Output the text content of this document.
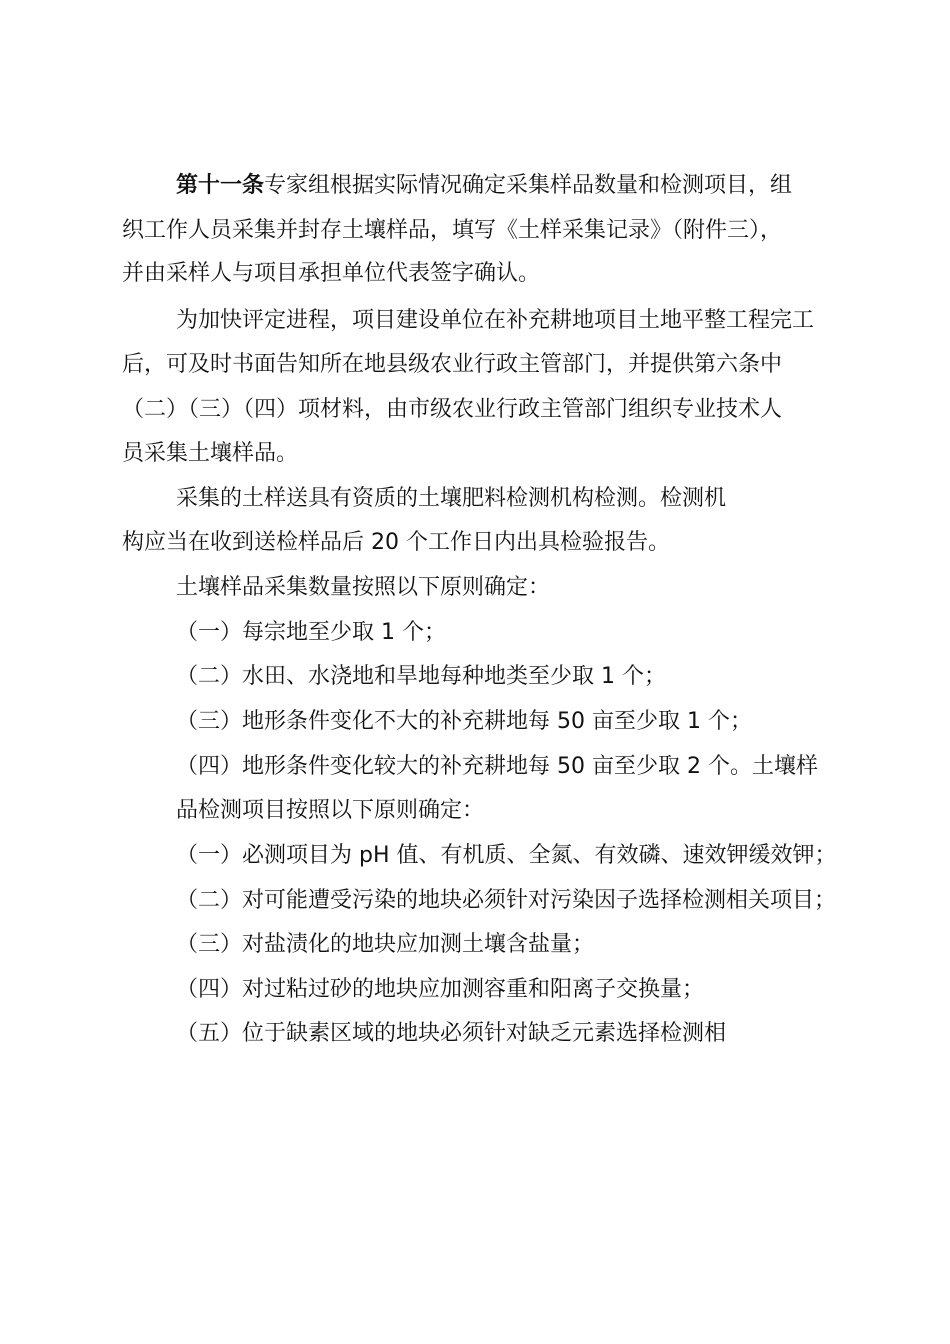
第十一条专家组根据实际情况确定采集样品数量和检测项目，组
织工作人员采集并封存土壤样品，填写《土样采集记录》（附件三），
并由采样人与项目承担单位代表签字确认。
为加快评定进程，项目建设单位在补充耕地项目土地平整工程完工
后，可及时书面告知所在地县级农业行政主管部门，并提供第六条中
（二）（三）（四）项材料，由市级农业行政主管部门组织专业技术人
员采集土壤样品。
采集的土样送具有资质的土壤肥料检测机构检测。检测机
构应当在收到送检样品后 20 个工作日内出具检验报告。
土壤样品采集数量按照以下原则确定：
（一）每宗地至少取 1 个；
（二）水田、水浇地和旱地每种地类至少取 1 个；
（三）地形条件变化不大的补充耕地每 50 亩至少取 1 个；
（四）地形条件变化较大的补充耕地每 50 亩至少取 2 个。土壤样
品检测项目按照以下原则确定：
（一）必测项目为 pH 值、有机质、全氮、有效磷、速效钾缓效钾；
（二）对可能遭受污染的地块必须针对污染因子选择检测相关项目；
（三）对盐渍化的地块应加测土壤含盐量；
（四）对过粘过砂的地块应加测容重和阳离子交换量；
（五）位于缺素区域的地块必须针对缺乏元素选择检测相
